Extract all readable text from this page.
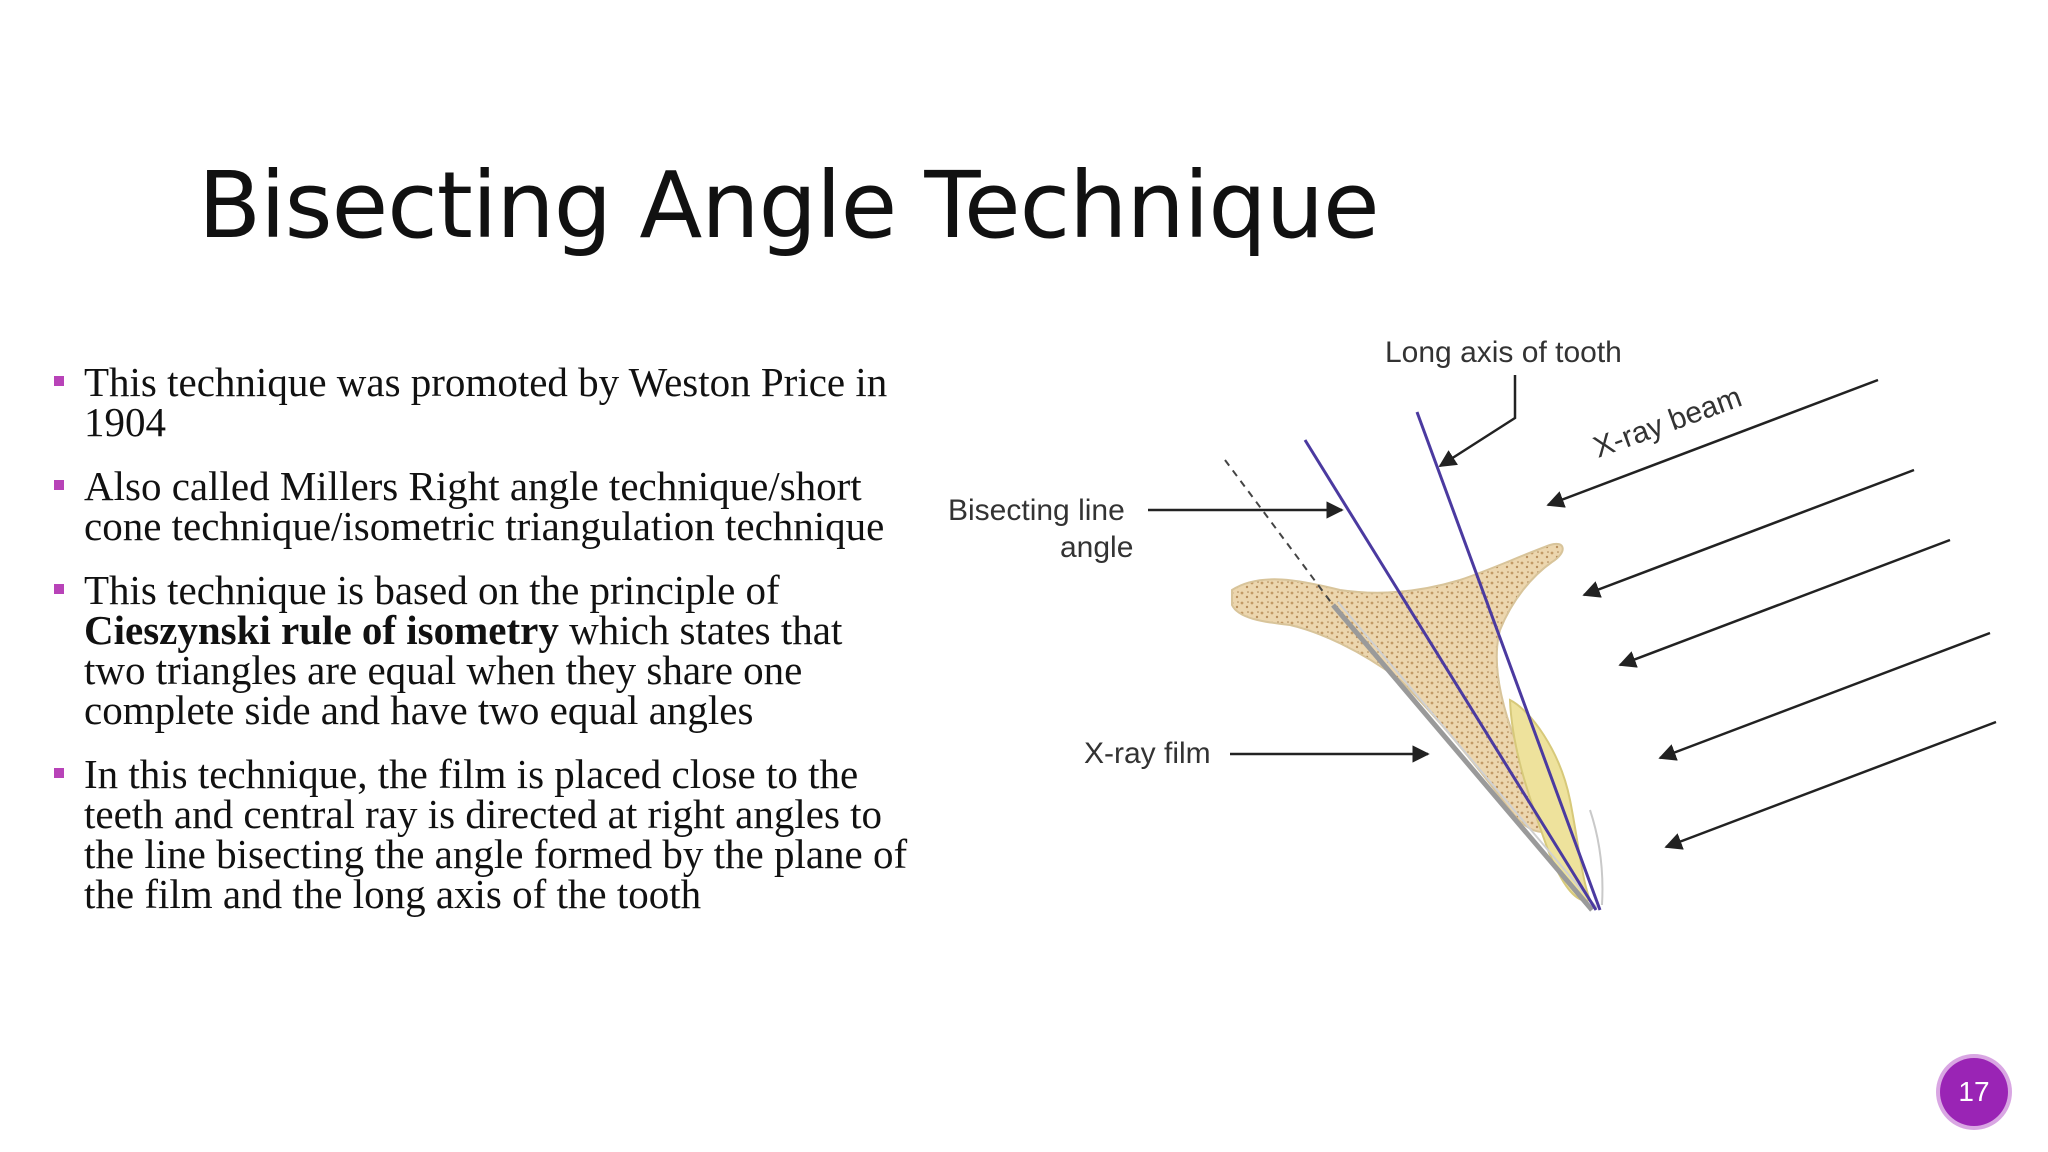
Bisecting Angle Technique
This technique was promoted by Weston Price in 1904
Also called Millers Right angle technique/short cone technique/isometric triangulation technique
This technique is based on the principle of Cieszynski rule of isometry which states that two triangles are equal when they share one complete side and have two equal angles
In this technique, the film is placed close to the teeth and central ray is directed at right angles to the line bisecting the angle formed by the plane of the film and the long axis of the tooth
Long axis of tooth
X-ray beam
Bisecting line
angle
X-ray film
17
